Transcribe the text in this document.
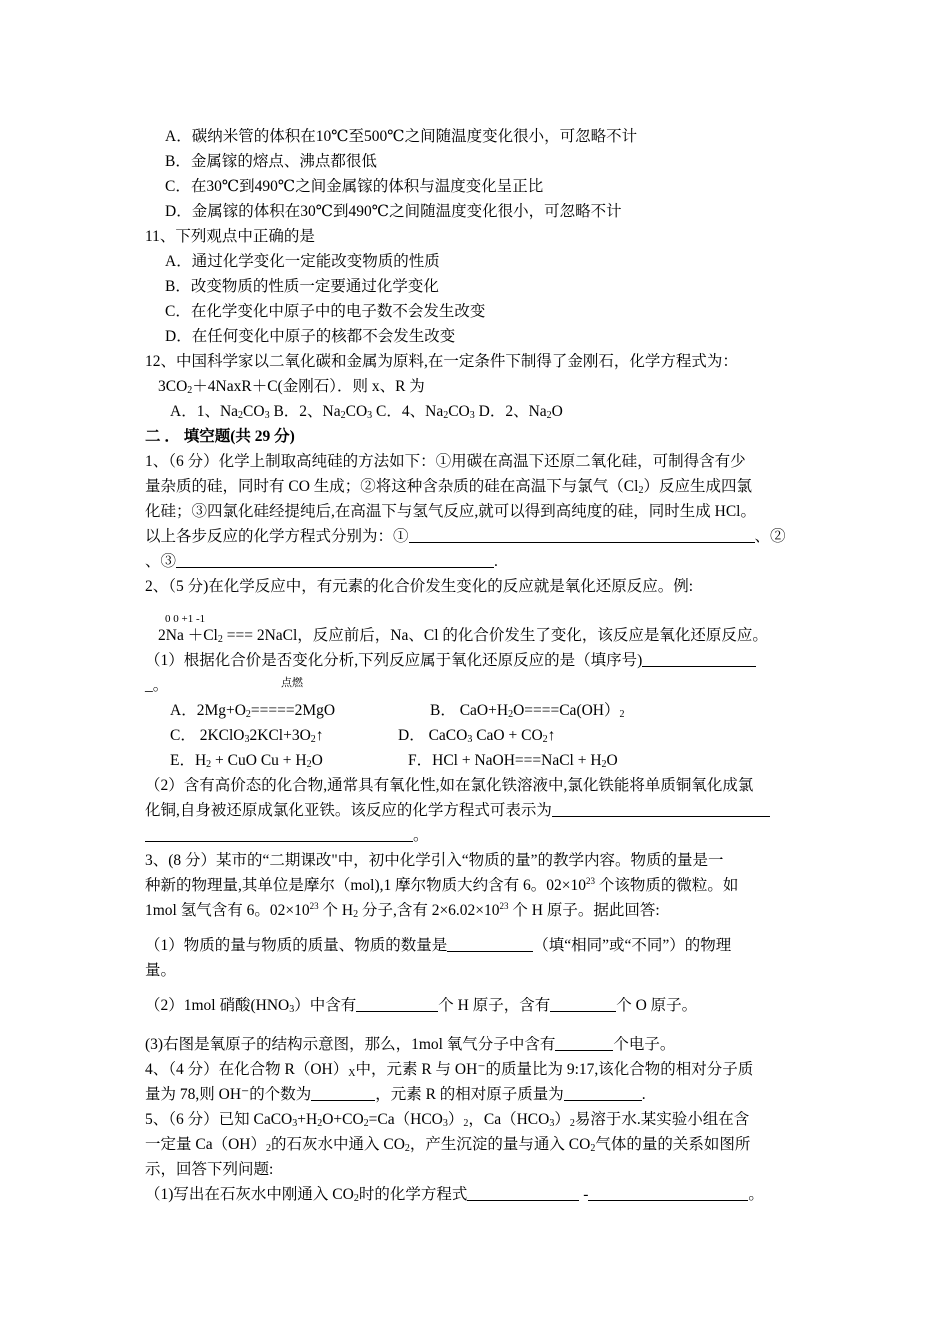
A．碳纳米管的体积在10℃至500℃之间随温度变化很小，可忽略不计
B．金属镓的熔点、沸点都很低
C．在30℃到490℃之间金属镓的体积与温度变化呈正比
D．金属镓的体积在30℃到490℃之间随温度变化很小，可忽略不计
11、下列观点中正确的是
A．通过化学变化一定能改变物质的性质
B．改变物质的性质一定要通过化学变化
C．在化学变化中原子中的电子数不会发生改变
D．在任何变化中原子的核都不会发生改变
12、中国科学家以二氧化碳和金属为原料,在一定条件下制得了金刚石，化学方程式为：
$3CO_2+4NaxR+C$(金刚石）．则 x、R 为
A．1、$Na_2CO_3$ B．2、$Na_2CO_3$ C．4、$Na_2CO_3$ D．2、$Na_2O$
二 ． 填空题(共 29 分)
1、（6 分）化学上制取高纯硅的方法如下：①用碳在高温下还原二氧化硅，可制得含有少
量杂质的硅，同时有 CO 生成；②将这种含杂质的硅在高温下与氯气$(Cl_2)$反应生成四氯
化硅；③四氯化硅经提纯后,在高温下与氢气反应,就可以得到高纯度的硅，同时生成 HCl。
以上各步反应的化学方程式分别为：①	、②
、③	.
2、（5 分)在化学反应中，有元素的化合价发生变化的反应就是氧化还原反应。例:
0 0 +1 -1
$2Na +Cl_2$ === 2NaCl，反应前后，Na、Cl 的化合价发生了变化，该反应是氧化还原反应。
（1）根据化合价是否变化分析,下列反应属于氧化还原反应的是（填序号)
_。	点燃
A．$2Mg+O_2=====2MgO$	B． $CaO+H_2O====Ca(OH)_2$
C． $2KClO_32KCl+3O_2↑$	D． CaCO$_3$ CaO + $CO_2↑$
E．$H_2$ + CuO $Cu + H_2O$	F．HCl + NaOH===NaCl + $H_2O$
（2）含有高价态的化合物,通常具有氧化性,如在氯化铁溶液中,氯化铁能将单质铜氧化成氯
化铜,自身被还原成氯化亚铁。该反应的化学方程式可表示为
。
3、(8 分）某市的“二期课改"中，初中化学引入“物质的量”的教学内容。物质的量是一
种新的物理量,其单位是摩尔（mol),1 摩尔物质大约含有 6。$02\times 10^{23}$ 个该物质的微粒。如
1mol 氢气含有 6。$02\times 10^{23}$ 个 $H_2$ 分子,含有 $2\times 6.02\times 10^{23}$ 个 H 原子。据此回答:
（1）物质的量与物质的质量、物质的数量是	（填“相同”或“不同”）的物理
量。
（2）1mol 硝酸$(HNO_3)$中含有	个 H 原子，含有	个 O 原子。
(3)右图是氧原子的结构示意图，那么，1mol 氧气分子中含有	个电子。
4、（4 分）在化合物 $R(OH)_X$中，元素 R 与 OH⁻的质量比为 9:17,该化合物的相对分子质
量为 78,则 OH⁻的个数为	，元素 R 的相对原子质量为	.
5、（6 分）已知 $CaCO_3+H_2O+CO_2=Ca(HCO_3)_2$，$Ca(HCO_3)_2$易溶于水.某实验小组在含
一定量 $Ca(OH)_2$的石灰水中通入 $CO_2$，产生沉淀的量与通入 $CO_2$气体的量的关系如图所
示，回答下列问题:
（1)写出在石灰水中刚通入 $CO_2$时的化学方程式	-	。
